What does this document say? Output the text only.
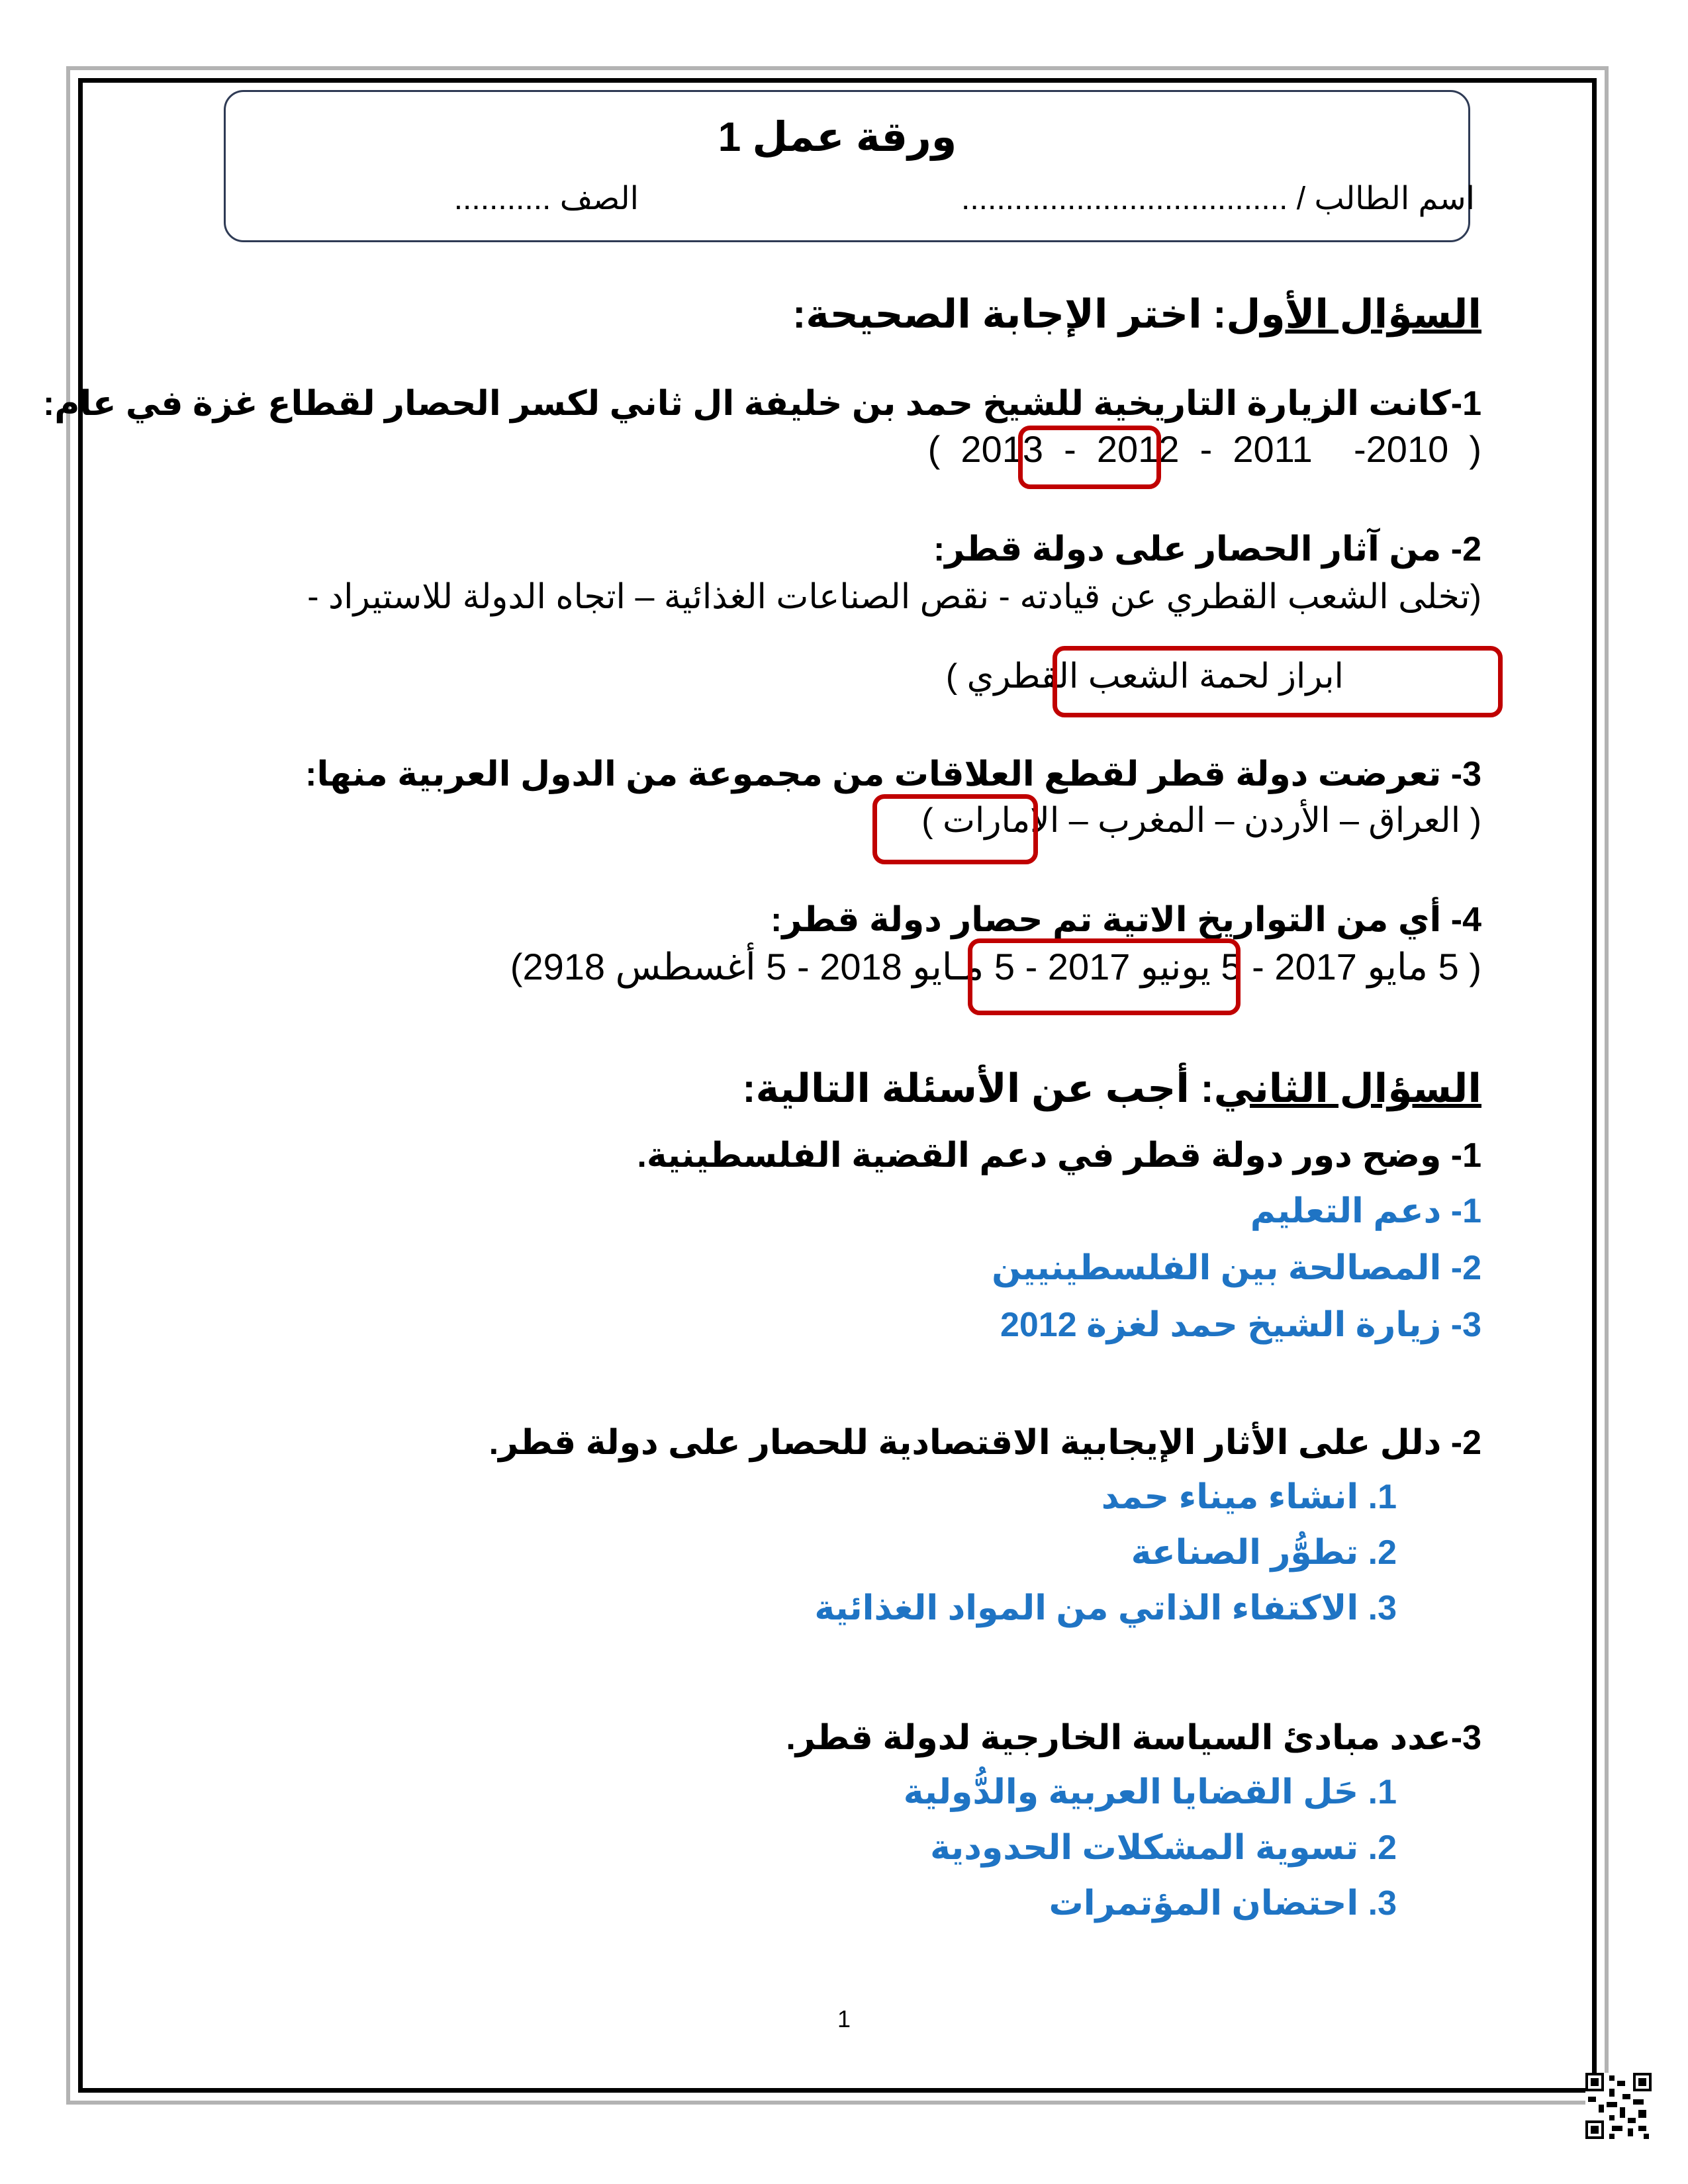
ورقة عمل 1
اسم الطالب / .....................................
الصف ...........
السؤال الأول: اختر الإجابة الصحيحة:
1-كانت الزيارة التاريخية للشيخ حمد بن خليفة ال ثاني لكسر الحصار لقطاع غزة في عام:
(  2013  -  2012  -  2011    -2010  )
2- من آثار الحصار على دولة قطر:
(تخلى الشعب القطري عن قيادته - نقص الصناعات الغذائية – اتجاه الدولة للاستيراد -
ابراز لحمة الشعب القطري )
3- تعرضت دولة قطر لقطع العلاقات من مجموعة من الدول العربية منها:
( العراق – الأردن – المغرب – الامارات )
4- أي من التواريخ الاتية تم حصار دولة قطر:
( 5 مايو 2017 - 5 يونيو 2017 - 5 مـايو 2018 - 5 أغسطس 2918)
السؤال الثاني: أجب عن الأسئلة التالية:
1- وضح دور دولة قطر في دعم القضية الفلسطينية.
1- دعم التعليم
2- المصالحة بين الفلسطينيين
3- زيارة الشيخ حمد لغزة 2012
2- دلل على الأثار الإيجابية الاقتصادية للحصار على دولة قطر.
1. انشاء ميناء حمد
2. تطوُّر الصناعة
3. الاكتفاء الذاتي من المواد الغذائية
3-عدد مبادئ السياسة الخارجية لدولة قطر.
1. حَل القضايا العربية والدُّولية
2. تسوية المشكلات الحدودية
3. احتضان المؤتمرات
1
